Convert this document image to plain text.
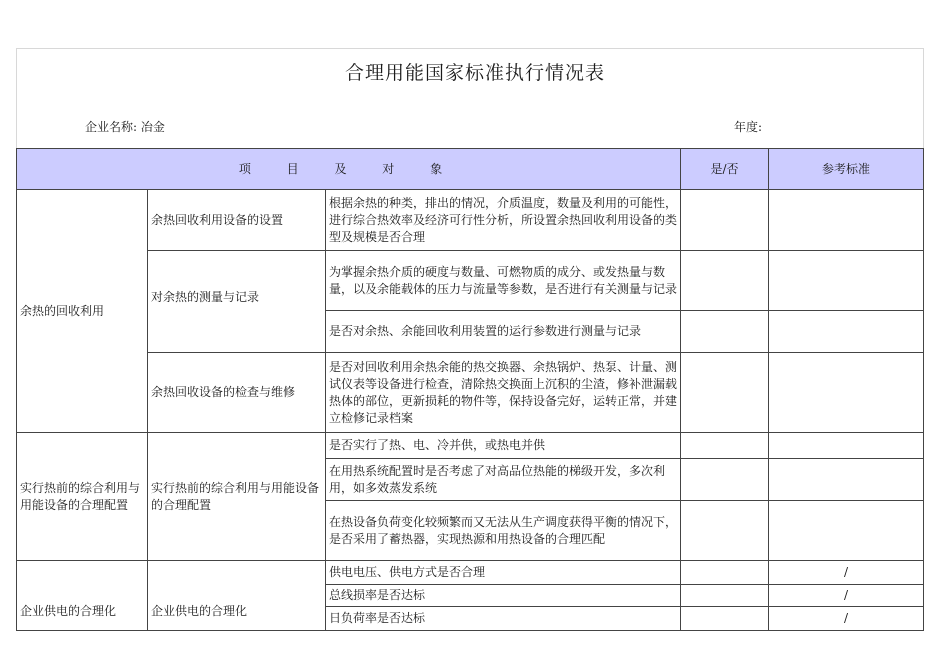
合理用能国家标准执行情况表
企业名称: 冶金	年度:
项 目 及 对 象			是/否	参考标准
余热的回收利用	余热回收利用设备的设置	根据余热的种类，排出的情况，介质温度，数量及利用的可能性，进行综合热效率及经济可行性分析，所设置余热回收利用设备的类型及规模是否合理		
	对余热的测量与记录	为掌握余热介质的硬度与数量、可燃物质的成分、或发热量与数量，以及余能载体的压力与流量等参数，是否进行有关测量与记录		
		是否对余热、余能回收利用装置的运行参数进行测量与记录		
	余热回收设备的检查与维修	是否对回收利用余热余能的热交换器、余热锅炉、热泵、计量、测试仪表等设备进行检查，清除热交换面上沉积的尘渣，修补泄漏载热体的部位，更新损耗的物件等，保持设备完好，运转正常，并建立检修记录档案		
实行热前的综合利用与用能设备的合理配置	实行热前的综合利用与用能设备的合理配置	是否实行了热、电、冷并供，或热电并供		
		在用热系统配置时是否考虑了对高品位热能的梯级开发，多次利用，如多效蒸发系统		
		在热设备负荷变化较频繁而又无法从生产调度获得平衡的情况下，是否采用了蓄热器，实现热源和用热设备的合理匹配		
企业供电的合理化	企业供电的合理化	供电电压、供电方式是否合理		/
		总线损率是否达标		/
		日负荷率是否达标		/
